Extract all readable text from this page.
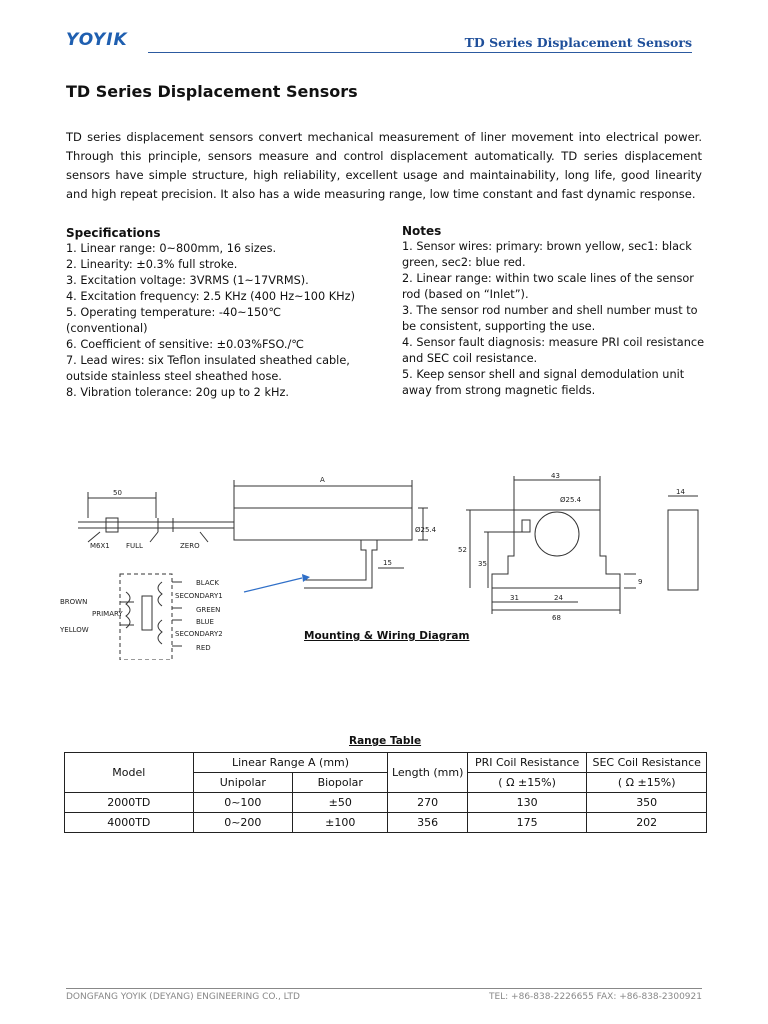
YOYIK	TD Series Displacement Sensors
TD Series Displacement Sensors

TD series displacement sensors convert mechanical measurement of liner movement into electrical power. Through this principle, sensors measure and control displacement automatically. TD series displacement sensors have simple structure, high reliability, excellent usage and maintainability, long life, good linearity and high repeat precision. It also has a wide measuring range, low time constant and fast dynamic response.

Specifications
1. Linear range: 0~800mm, 16 sizes.
2. Linearity: ±0.3% full stroke.
3. Excitation voltage: 3VRMS (1~17VRMS).
4. Excitation frequency: 2.5 KHz (400 Hz~100 KHz)
5. Operating temperature: -40~150℃ (conventional)
6. Coefficient of sensitive: ±0.03%FSO./℃
7. Lead wires: six Teflon insulated sheathed cable, outside stainless steel sheathed hose.
8. Vibration tolerance: 20g up to 2 kHz.
Notes
1. Sensor wires: primary: brown yellow, sec1: black green, sec2: blue red.
2. Linear range: within two scale lines of the sensor rod (based on “Inlet”).
3. The sensor rod number and shell number must to be consistent, supporting the use.
4. Sensor fault diagnosis: measure PRI coil resistance and SEC coil resistance.
5. Keep sensor shell and signal demodulation unit away from strong magnetic fields.
50
A
15
Ø25.4
M6X1 FULL	ZERO
BROWN
PRIMARY
YELLOW
BLACK
SECONDARY1
GREEN
BLUE
SECONDARY2
RED
43
14
Ø25.4
52
35
31	24
68
9
Mounting & Wiring Diagram
Range Table
Model	Linear Range A (mm)		Length (mm)	PRI Coil Resistance	SEC Coil Resistance
	Unipolar	Biopolar		( Ω ±15%)	( Ω ±15%)
2000TD	0~100	±50	270	130	350
4000TD	0~200	±100	356	175	202
DONGFANG YOYIK (DEYANG) ENGINEERING CO., LTD	TEL: +86-838-2226655 FAX: +86-838-2300921
